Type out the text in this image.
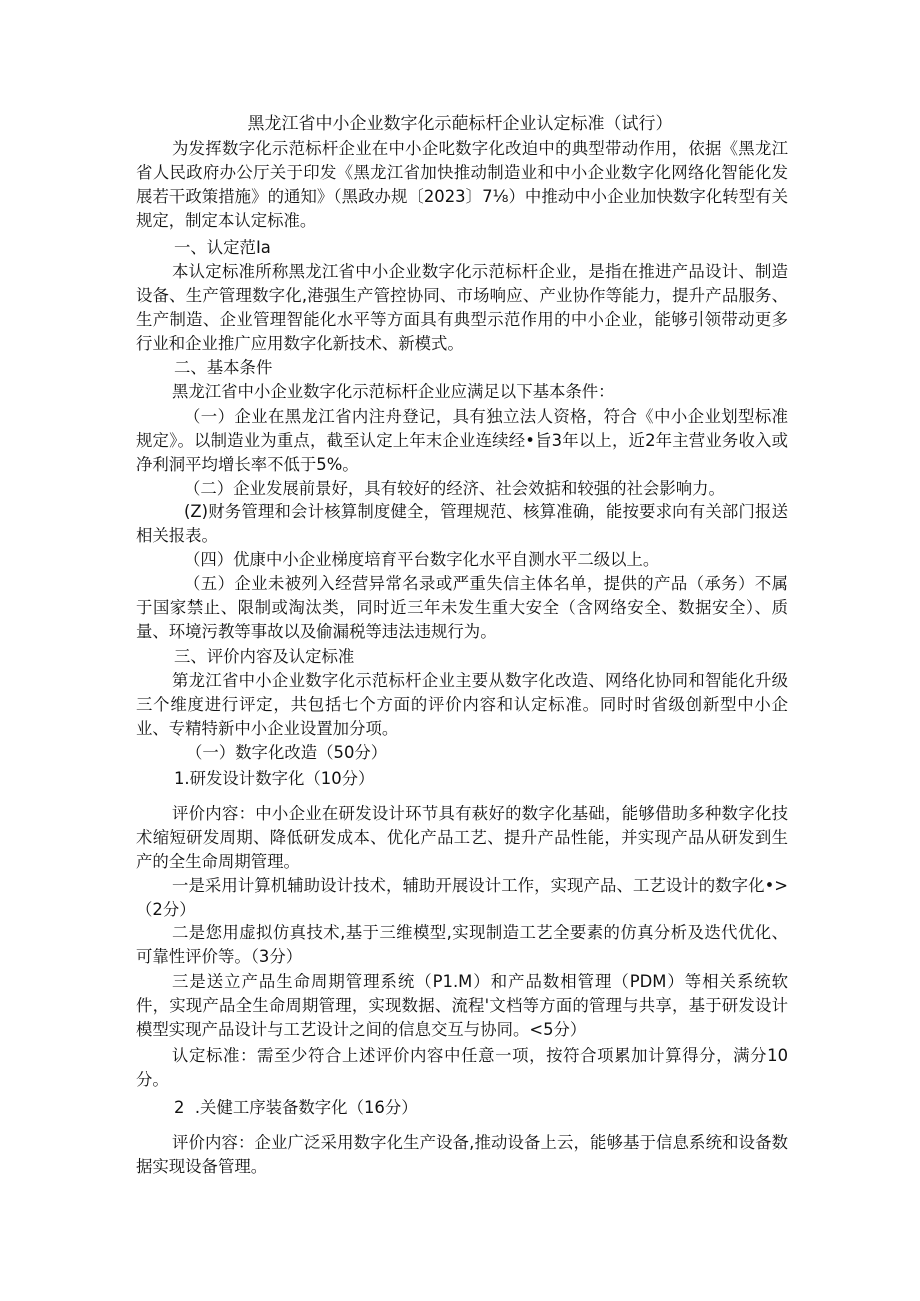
黑龙江省中小企业数字化示葩标杆企业认定标准（试行）
为发挥数字化示范标杆企业在中小企叱数字化改迫中的典型带动作用，依据《黑龙江省人民政府办公厅关于印发《黑龙江省加快推动制造业和中小企业数字化网络化智能化发展若干政策措施》的通知》（黑政办规〔2023〕7⅛）中推动中小企业加快数字化转型有关规定，制定本认定标准。
一、认定范Ia
本认定标准所称黑龙江省中小企业数字化示范标杆企业，是指在推进产品设计、制造设备、生产管理数字化,港强生产管控协同、市场响应、产业协作等能力，提升产品服务、生产制造、企业管理智能化水平等方面具有典型示范作用的中小企业，能够引领带动更多行业和企业推广应用数字化新技术、新模式。
二、基本条件
黑龙江省中小企业数字化示范标杆企业应满足以下基本条件：
（一）企业在黑龙江省内注舟登记，具有独立法人资格，符合《中小企业划型标准规定》。以制造业为重点，截至认定上年末企业连续经•旨3年以上，近2年主营业务收入或净利洞平均增长率不低于5%。
（二）企业发展前景好，具有较好的经济、社会效掂和较强的社会影响力。
(Z)财务管理和会计核算制度健全，管理规范、核算准确，能按要求向有关部门报送相关报表。
（四）优康中小企业梯度培育平台数字化水平自测水平二级以上。
（五）企业未被列入经营异常名录或严重失信主体名单，提供的产品（承务）不属于国家禁止、限制或淘汰类，同时近三年未发生重大安全（含网络安全、数据安全）、质量、环境污教等事故以及偷漏税等违法违规行为。
三、评价内容及认定标准
第龙江省中小企业数字化示范标杆企业主要从数字化改造、网络化协同和智能化升级三个维度进行评定，共包括七个方面的评价内容和认定标准。同时时省级创新型中小企业、专精特新中小企业设置加分项。
（一）数字化改造（50分）
1.研发设计数字化（10分）
评价内容：中小企业在研发设计环节具有萩好的数字化基础，能够借助多种数字化技术缩短研发周期、降低研发成本、优化产品工艺、提升产品性能，并实现产品从研发到生产的全生命周期管理。
一是采用计算机辅助设计技术，辅助开展设计工作，实现产品、工艺设计的数字化•>（2分）
二是您用虚拟仿真技术,基于三维模型,实现制造工艺全要素的仿真分析及迭代优化、可靠性评价等。（3分）
三是送立产品生命周期管理系统（P1.M）和产品数相管理（PDM）等相关系统软件，实现产品全生命周期管理，实现数据、流程'文档等方面的管理与共享，基于研发设计模型实现产品设计与工艺设计之间的信息交互与协同。<5分）
认定标准：需至少符合上述评价内容中任意一项，按符合项累加计算得分，满分10分。
2  .关健工序装备数字化（16分）
评价内容：企业广泛采用数字化生产设备,推动设备上云，能够基于信息系统和设备数据实现设备管理。
